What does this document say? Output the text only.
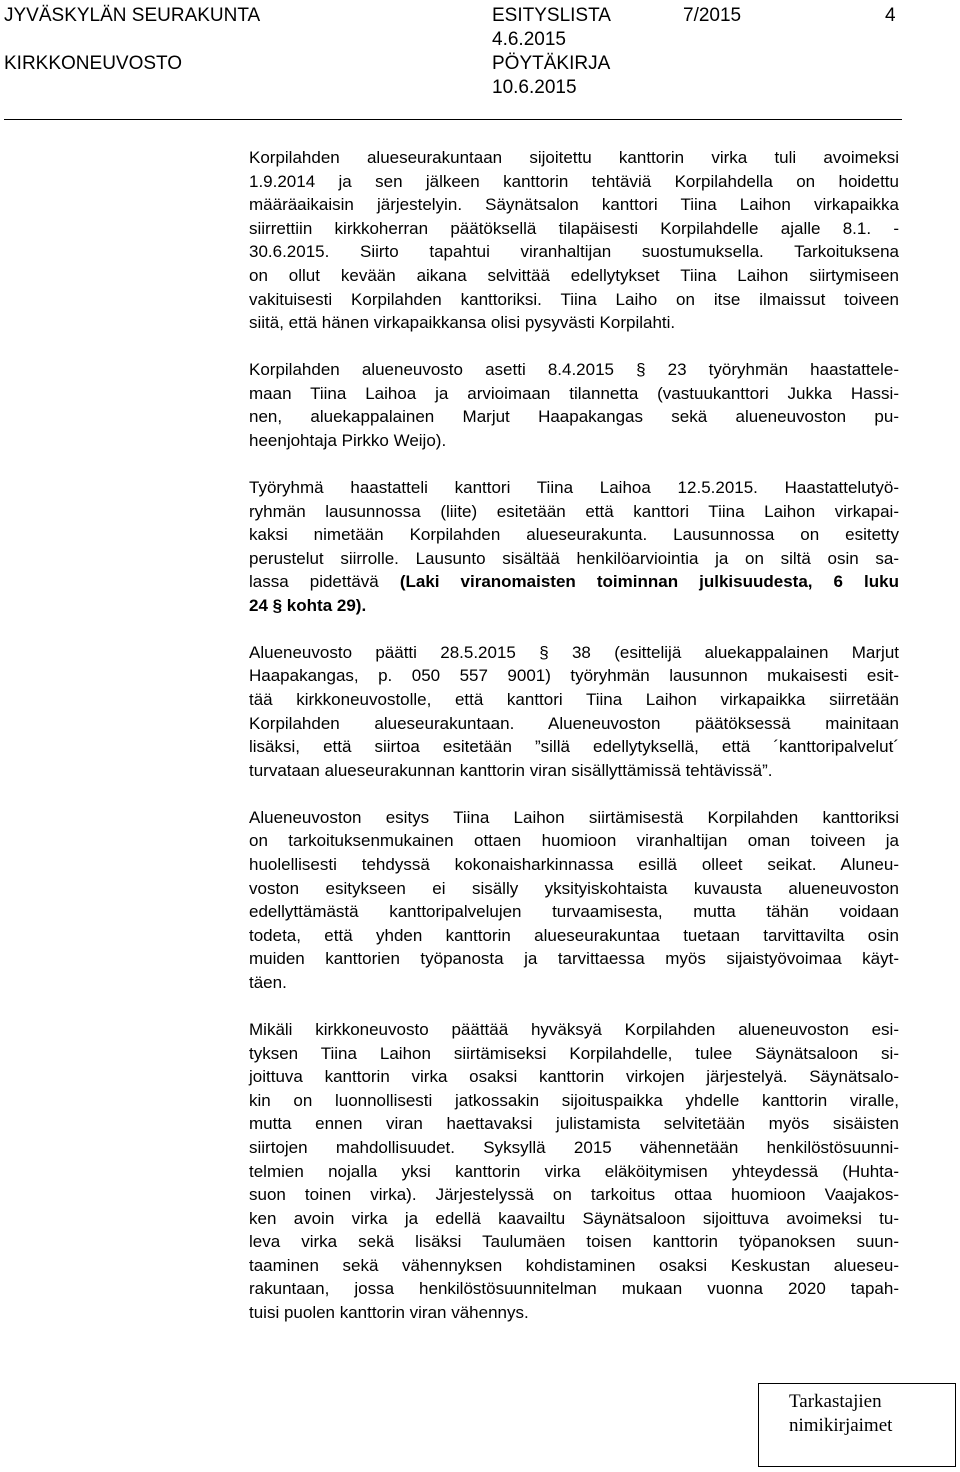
JYVÄSKYLÄN SEURAKUNTA
KIRKKONEUVOSTO
ESITYSLISTA
4.6.2015
PÖYTÄKIRJA
10.6.2015
7/2015	4
Korpilahden alueseurakuntaan sijoitettu kanttorin virka tuli avoimeksi
1.9.2014 ja sen jälkeen kanttorin tehtäviä Korpilahdella on hoidettu
määräaikaisin järjestelyin. Säynätsalon kanttori Tiina Laihon virkapaikka
siirrettiin kirkkoherran päätöksellä tilapäisesti Korpilahdelle ajalle 8.1. -
30.6.2015. Siirto tapahtui viranhaltijan suostumuksella. Tarkoituksena
on ollut kevään aikana selvittää edellytykset Tiina Laihon siirtymiseen
vakituisesti Korpilahden kanttoriksi. Tiina Laiho on itse ilmaissut toiveen
siitä, että hänen virkapaikkansa olisi pysyvästi Korpilahti.
Korpilahden alueneuvosto asetti 8.4.2015 § 23 työryhmän haastattele-
maan Tiina Laihoa ja arvioimaan tilannetta (vastuukanttori Jukka Hassi-
nen, aluekappalainen Marjut Haapakangas sekä alueneuvoston pu-
heenjohtaja Pirkko Weijo).
Työryhmä haastatteli kanttori Tiina Laihoa 12.5.2015. Haastattelutyö-
ryhmän lausunnossa (liite) esitetään että kanttori Tiina Laihon virkapai-
kaksi nimetään Korpilahden alueseurakunta. Lausunnossa on esitetty
perustelut siirrolle. Lausunto sisältää henkilöarviointia ja on siltä osin sa-
lassa pidettävä (Laki viranomaisten toiminnan julkisuudesta, 6 luku
24 § kohta 29).
Alueneuvosto päätti 28.5.2015 § 38 (esittelijä aluekappalainen Marjut
Haapakangas, p. 050 557 9001) työryhmän lausunnon mukaisesti esit-
tää kirkkoneuvostolle, että kanttori Tiina Laihon virkapaikka siirretään
Korpilahden alueseurakuntaan. Alueneuvoston päätöksessä mainitaan
lisäksi, että siirtoa esitetään ”sillä edellytyksellä, että ´kanttoripalvelut´
turvataan alueseurakunnan kanttorin viran sisällyttämissä tehtävissä”.
Alueneuvoston esitys Tiina Laihon siirtämisestä Korpilahden kanttoriksi
on tarkoituksenmukainen ottaen huomioon viranhaltijan oman toiveen ja
huolellisesti tehdyssä kokonaisharkinnassa esillä olleet seikat. Aluneu-
voston esitykseen ei sisälly yksityiskohtaista kuvausta alueneuvoston
edellyttämästä kanttoripalvelujen turvaamisesta, mutta tähän voidaan
todeta, että yhden kanttorin alueseurakuntaa tuetaan tarvittavilta osin
muiden kanttorien työpanosta ja tarvittaessa myös sijaistyövoimaa käyt-
täen.
Mikäli kirkkoneuvosto päättää hyväksyä Korpilahden alueneuvoston esi-
tyksen Tiina Laihon siirtämiseksi Korpilahdelle, tulee Säynätsaloon si-
joittuva kanttorin virka osaksi kanttorin virkojen järjestelyä. Säynätsalo-
kin on luonnollisesti jatkossakin sijoituspaikka yhdelle kanttorin viralle,
mutta ennen viran haettavaksi julistamista selvitetään myös sisäisten
siirtojen mahdollisuudet. Syksyllä 2015 vähennetään henkilöstösuunni-
telmien nojalla yksi kanttorin virka eläköitymisen yhteydessä (Huhta-
suon toinen virka). Järjestelyssä on tarkoitus ottaa huomioon Vaajakos-
ken avoin virka ja edellä kaavailtu Säynätsaloon sijoittuva avoimeksi tu-
leva virka sekä lisäksi Taulumäen toisen kanttorin työpanoksen suun-
taaminen sekä vähennyksen kohdistaminen osaksi Keskustan alueseu-
rakuntaan, jossa henkilöstösuunnitelman mukaan vuonna 2020 tapah-
tuisi puolen kanttorin viran vähennys.
Tarkastajien
nimikirjaimet
